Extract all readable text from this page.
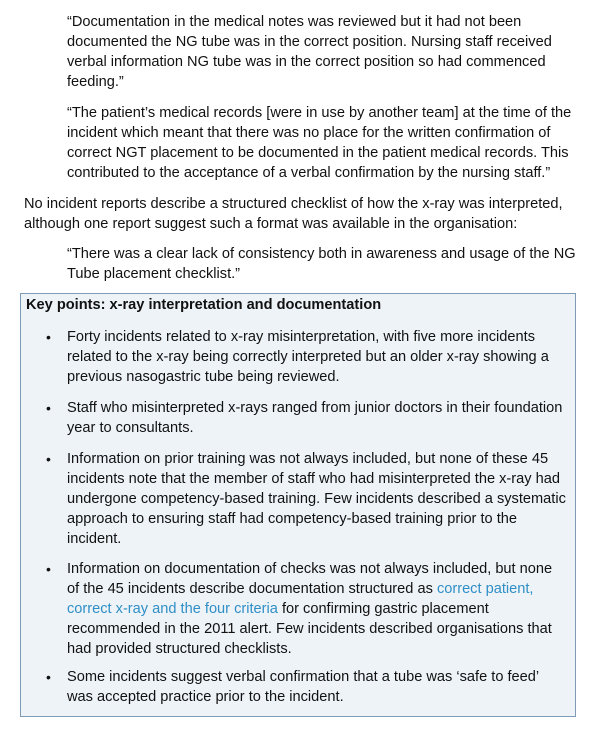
“Documentation in the medical notes was reviewed but it had not been documented the NG tube was in the correct position. Nursing staff received verbal information NG tube was in the correct position so had commenced feeding.”

“The patient’s medical records [were in use by another team] at the time of the incident which meant that there was no place for the written confirmation of correct NGT placement to be documented in the patient medical records. This contributed to the acceptance of a verbal confirmation by the nursing staff.”

No incident reports describe a structured checklist of how the x-ray was interpreted, although one report suggest such a format was available in the organisation:

“There was a clear lack of consistency both in awareness and usage of the NG Tube placement checklist.”

Key points: x-ray interpretation and documentation

• Forty incidents related to x-ray misinterpretation, with five more incidents related to the x-ray being correctly interpreted but an older x-ray showing a previous nasogastric tube being reviewed.

• Staff who misinterpreted x-rays ranged from junior doctors in their foundation year to consultants.

• Information on prior training was not always included, but none of these 45 incidents note that the member of staff who had misinterpreted the x-ray had undergone competency-based training. Few incidents described a systematic approach to ensuring staff had competency-based training prior to the incident.

• Information on documentation of checks was not always included, but none of the 45 incidents describe documentation structured as correct patient, correct x-ray and the four criteria for confirming gastric placement recommended in the 2011 alert. Few incidents described organisations that had provided structured checklists.

• Some incidents suggest verbal confirmation that a tube was ‘safe to feed’ was accepted practice prior to the incident.
